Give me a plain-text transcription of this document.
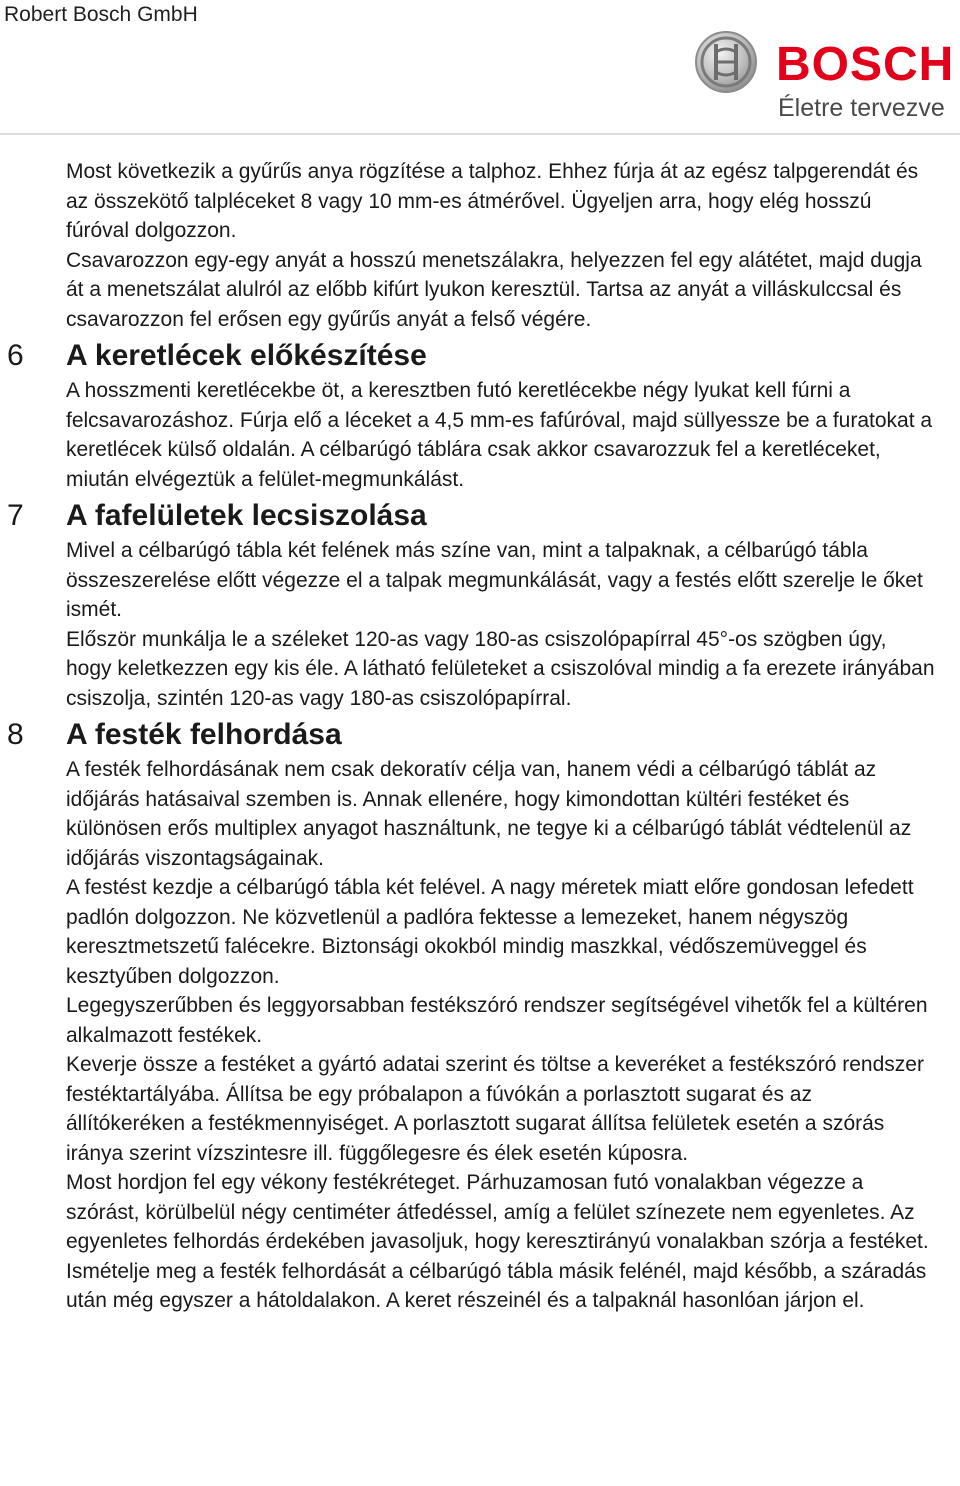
Robert Bosch GmbH
BOSCH
Életre tervezve

Most következik a gyűrűs anya rögzítése a talphoz. Ehhez fúrja át az egész talpgerendát és az összekötő talpléceket 8 vagy 10 mm-es átmérővel. Ügyeljen arra, hogy elég hosszú fúróval dolgozzon.

Csavarozzon egy-egy anyát a hosszú menetszálakra, helyezzen fel egy alátétet, majd dugja át a menetszálat alulról az előbb kifúrt lyukon keresztül. Tartsa az anyát a villáskulccsal és csavarozzon fel erősen egy gyűrűs anyát a felső végére.

6 A keretlécek előkészítése

A hosszmenti keretlécekbe öt, a keresztben futó keretlécekbe négy lyukat kell fúrni a felcsavarozáshoz. Fúrja elő a léceket a 4,5 mm-es fafúróval, majd süllyessze be a furatokat a keretlécek külső oldalán. A célbarúgó táblára csak akkor csavarozzuk fel a keretléceket, miután elvégeztük a felület-megmunkálást.

7 A fafelületek lecsiszolása

Mivel a célbarúgó tábla két felének más színe van, mint a talpaknak, a célbarúgó tábla összeszerelése előtt végezze el a talpak megmunkálását, vagy a festés előtt szerelje le őket ismét.

Először munkálja le a széleket 120-as vagy 180-as csiszolópapírral 45°-os szögben úgy, hogy keletkezzen egy kis éle. A látható felületeket a csiszolóval mindig a fa erezete irányában csiszolja, szintén 120-as vagy 180-as csiszolópapírral.

8 A festék felhordása

A festék felhordásának nem csak dekoratív célja van, hanem védi a célbarúgó táblát az időjárás hatásaival szemben is. Annak ellenére, hogy kimondottan kültéri festéket és különösen erős multiplex anyagot használtunk, ne tegye ki a célbarúgó táblát védtelenül az időjárás viszontagságainak.

A festést kezdje a célbarúgó tábla két felével. A nagy méretek miatt előre gondosan lefedett padlón dolgozzon. Ne közvetlenül a padlóra fektesse a lemezeket, hanem négyszög keresztmetszetű falécekre. Biztonsági okokból mindig maszkkal, védőszemüveggel és kesztyűben dolgozzon.

Legegyszerűbben és leggyorsabban festékszóró rendszer segítségével vihetők fel a kültéren alkalmazott festékek.

Keverje össze a festéket a gyártó adatai szerint és töltse a keveréket a festékszóró rendszer festéktartályába. Állítsa be egy próbalapon a fúvókán a porlasztott sugarat és az állítókeréken a festékmennyiséget. A porlasztott sugarat állítsa felületek esetén a szórás iránya szerint vízszintesre ill. függőlegesre és élek esetén kúposra.

Most hordjon fel egy vékony festékréteget. Párhuzamosan futó vonalakban végezze a szórást, körülbelül négy centiméter átfedéssel, amíg a felület színezete nem egyenletes. Az egyenletes felhordás érdekében javasoljuk, hogy keresztirányú vonalakban szórja a festéket. Ismételje meg a festék felhordását a célbarúgó tábla másik felénél, majd később, a száradás után még egyszer a hátoldalakon. A keret részeinél és a talpaknál hasonlóan járjon el.
